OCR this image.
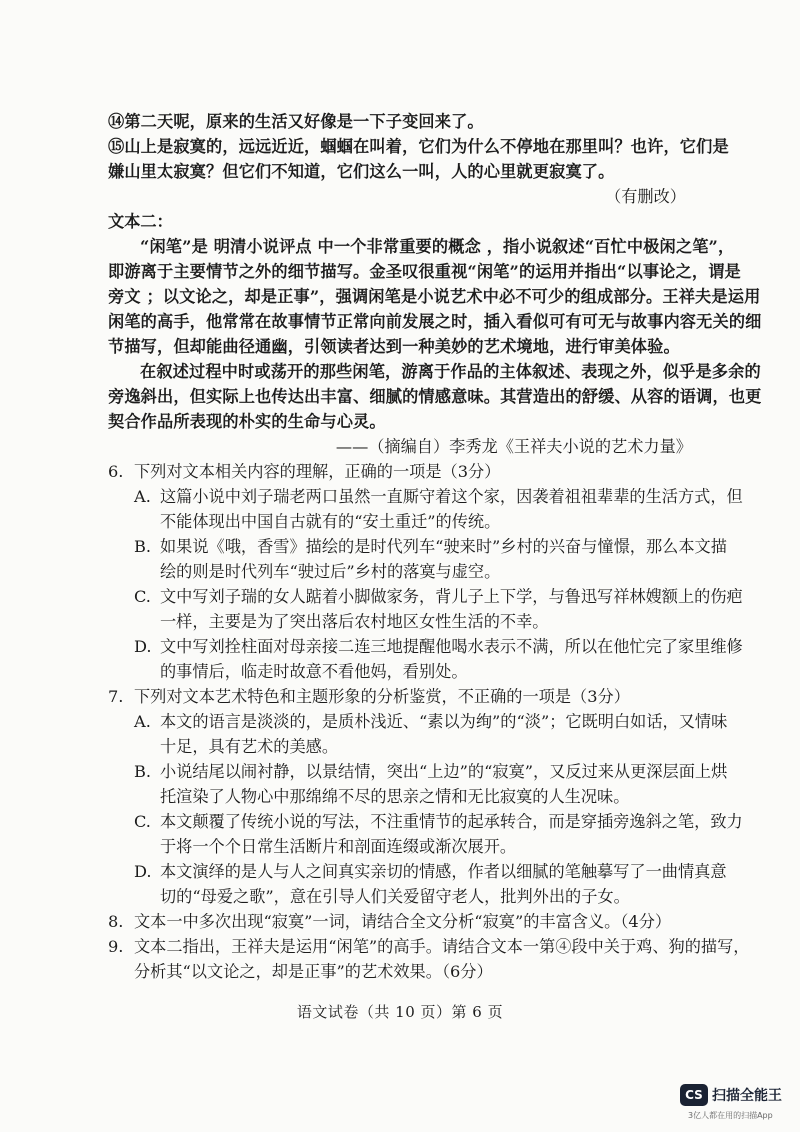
⑭第二天呢，原来的生活又好像是一下子变回来了。
⑮山上是寂寞的，远远近近，蝈蝈在叫着，它们为什么不停地在那里叫？也许，它们是
嫌山里太寂寞？但它们不知道，它们这么一叫，人的心里就更寂寞了。
（有删改）
文本二：
“闲笔”是 明清小说评点 中一个非常重要的概念 ，指小说叙述“百忙中极闲之笔”，
即游离于主要情节之外的细节描写。金圣叹很重视“闲笔”的运用并指出“以事论之，谓是
旁文 ；以文论之，却是正事”，强调闲笔是小说艺术中必不可少的组成部分。王祥夫是运用
闲笔的高手，他常常在故事情节正常向前发展之时，插入看似可有可无与故事内容无关的细
节描写，但却能曲径通幽，引领读者达到一种美妙的艺术境地，进行审美体验。
在叙述过程中时或荡开的那些闲笔，游离于作品的主体叙述、表现之外，似乎是多余的
旁逸斜出，但实际上也传达出丰富、细腻的情感意味。其营造出的舒缓、从容的语调，也更
契合作品所表现的朴实的生命与心灵。
——（摘编自）李秀龙《王祥夫小说的艺术力量》
6. 下列对文本相关内容的理解，正确的一项是（3分）
A. 这篇小说中刘子瑞老两口虽然一直厮守着这个家，因袭着祖祖辈辈的生活方式，但
不能体现出中国自古就有的“安土重迁”的传统。
B. 如果说《哦，香雪》描绘的是时代列车“驶来时”乡村的兴奋与憧憬，那么本文描
绘的则是时代列车“驶过后”乡村的落寞与虚空。
C. 文中写刘子瑞的女人踮着小脚做家务，背儿子上下学，与鲁迅写祥林嫂额上的伤疤
一样，主要是为了突出落后农村地区女性生活的不幸。
D. 文中写刘拴柱面对母亲接二连三地提醒他喝水表示不满，所以在他忙完了家里维修
的事情后，临走时故意不看他妈，看别处。
7. 下列对文本艺术特色和主题形象的分析鉴赏，不正确的一项是（3分）
A. 本文的语言是淡淡的，是质朴浅近、“素以为绚”的“淡”；它既明白如话，又情味
十足，具有艺术的美感。
B. 小说结尾以闹衬静，以景结情，突出“上边”的“寂寞”，又反过来从更深层面上烘
托渲染了人物心中那绵绵不尽的思亲之情和无比寂寞的人生况味。
C. 本文颠覆了传统小说的写法，不注重情节的起承转合，而是穿插旁逸斜之笔，致力
于将一个个日常生活断片和剖面连缀或渐次展开。
D. 本文演绎的是人与人之间真实亲切的情感，作者以细腻的笔触摹写了一曲情真意
切的“母爱之歌”，意在引导人们关爱留守老人，批判外出的子女。
8. 文本一中多次出现“寂寞”一词，请结合全文分析“寂寞”的丰富含义。（4分）
9. 文本二指出，王祥夫是运用“闲笔”的高手。请结合文本一第④段中关于鸡、狗的描写，
分析其“以文论之，却是正事”的艺术效果。（6分）
语文试卷（共 10 页）第 6 页
CS 扫描全能王
3亿人都在用的扫描App
